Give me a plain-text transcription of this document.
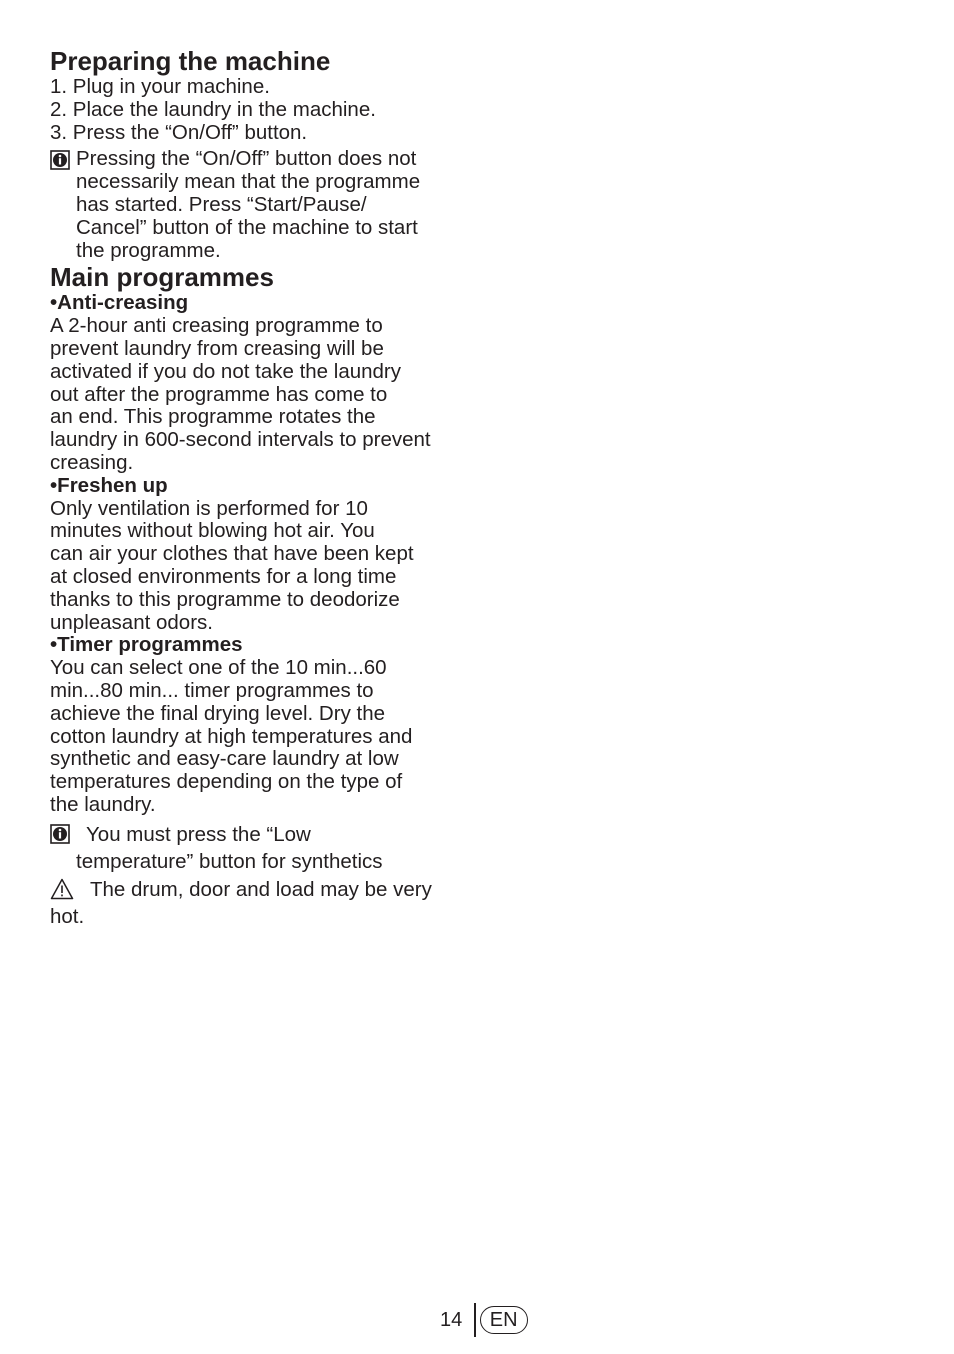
Preparing the machine
1. Plug in your machine.
2. Place the laundry in the machine.
3. Press the “On/Off” button.
Pressing the “On/Off” button does not
necessarily mean that the programme
has started. Press “Start/Pause/
Cancel” button of the machine to start
the programme.
Main programmes

•Anti-creasing

A 2-hour anti creasing programme to
prevent laundry from creasing will be
activated if you do not take the laundry
out after the programme has come to
an end. This programme rotates the
laundry in 600-second intervals to prevent
creasing.

•Freshen up

Only ventilation is performed for 10
minutes without blowing hot air. You
can air your clothes that have been kept
at closed environments for a long time
thanks to this programme to deodorize
unpleasant odors.

•Timer programmes

You can select one of the 10 min...60
min...80 min... timer programmes to
achieve the final drying level. Dry the
cotton laundry at high temperatures and
synthetic and easy-care laundry at low
temperatures depending on the type of
the laundry.
You must press the “Low
temperature” button for synthetics
The drum, door and load may be very
hot.
14	EN
